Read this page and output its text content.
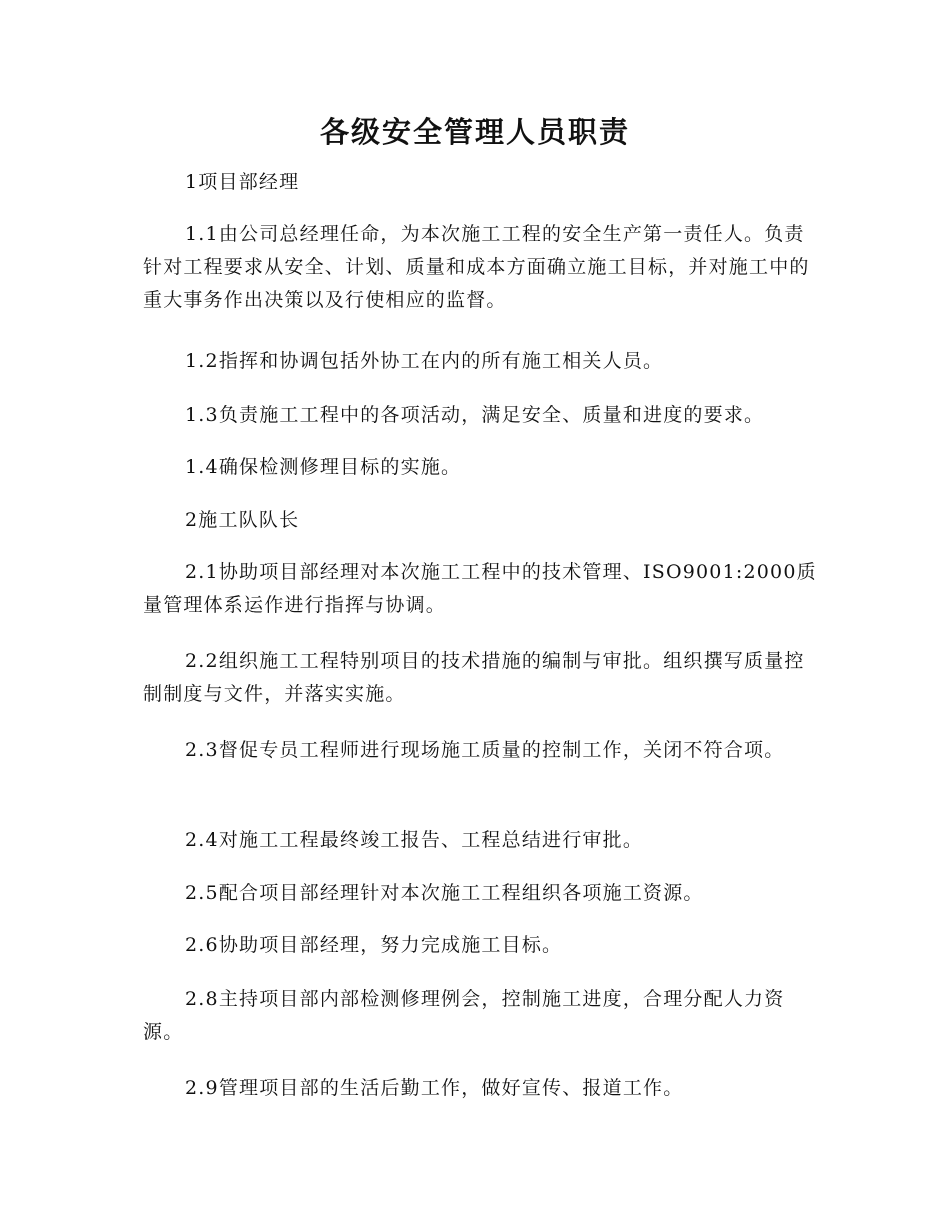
各级安全管理人员职责

1项目部经理

1.1由公司总经理任命，为本次施工工程的安全生产第一责任人。负责针对工程要求从安全、计划、质量和成本方面确立施工目标，并对施工中的重大事务作出决策以及行使相应的监督。

1.2指挥和协调包括外协工在内的所有施工相关人员。

1.3负责施工工程中的各项活动，满足安全、质量和进度的要求。

1.4确保检测修理目标的实施。

2施工队队长

2.1协助项目部经理对本次施工工程中的技术管理、ISO9001:2000质量管理体系运作进行指挥与协调。

2.2组织施工工程特别项目的技术措施的编制与审批。组织撰写质量控制制度与文件，并落实实施。

2.3督促专员工程师进行现场施工质量的控制工作，关闭不符合项。

2.4对施工工程最终竣工报告、工程总结进行审批。

2.5配合项目部经理针对本次施工工程组织各项施工资源。

2.6协助项目部经理，努力完成施工目标。

2.8主持项目部内部检测修理例会，控制施工进度，合理分配人力资源。

2.9管理项目部的生活后勤工作，做好宣传、报道工作。
